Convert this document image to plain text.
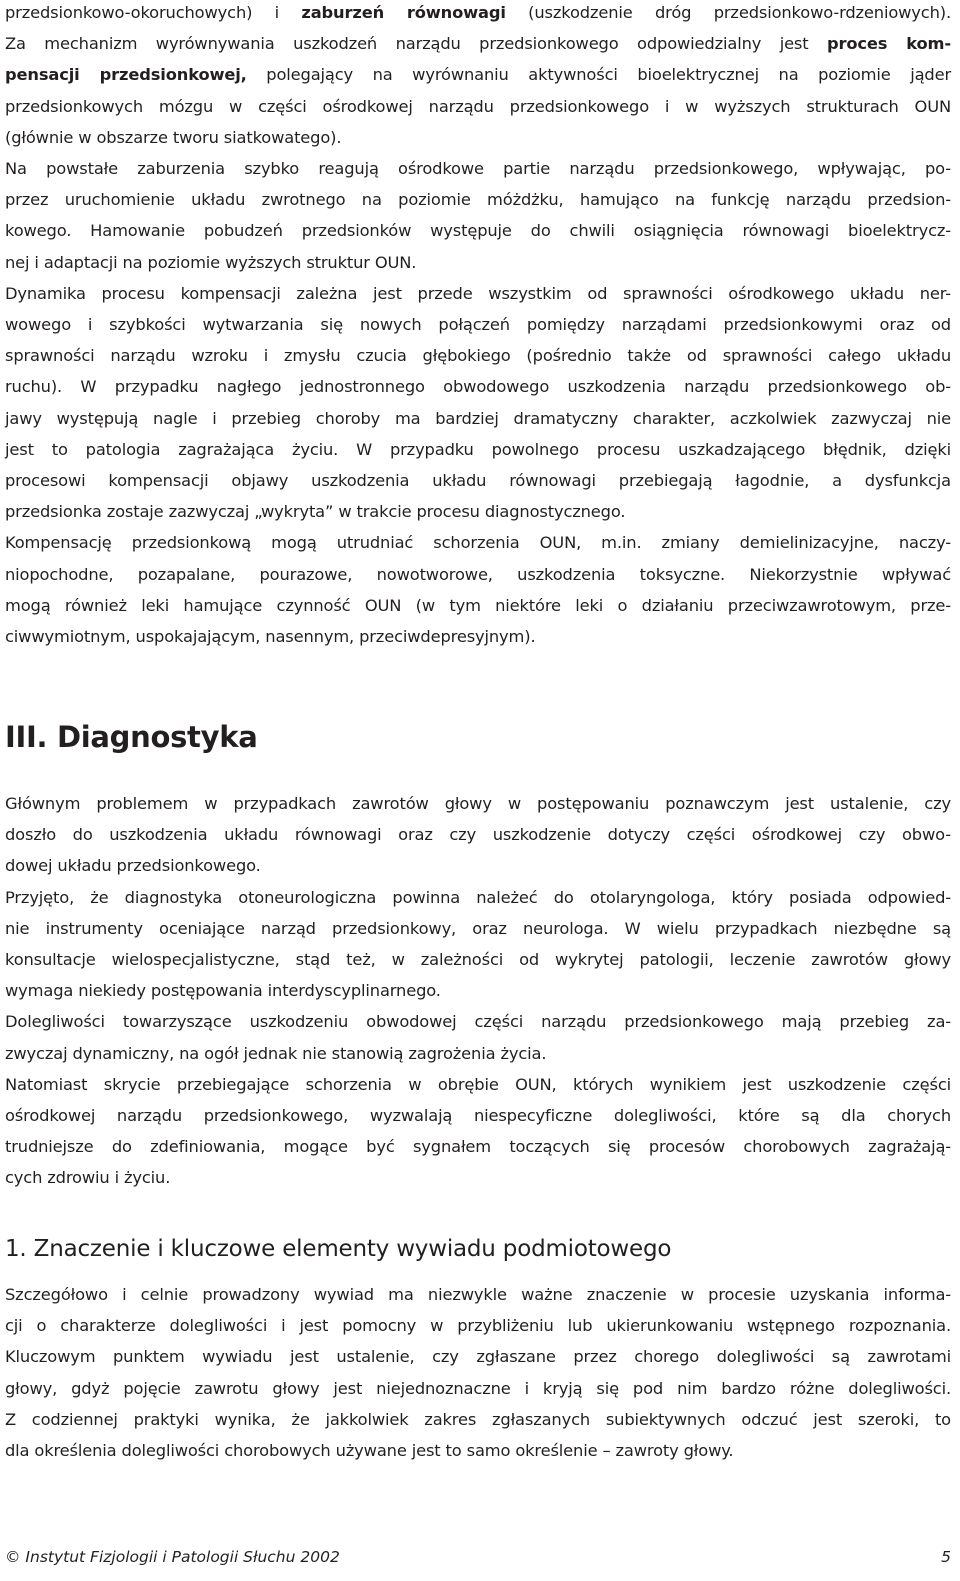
przedsionkowo-okoruchowych) i zaburzeń równowagi (uszkodzenie dróg przedsionkowo-rdzeniowych).
Za mechanizm wyrównywania uszkodzeń narządu przedsionkowego odpowiedzialny jest proces kom-
pensacji przedsionkowej, polegający na wyrównaniu aktywności bioelektrycznej na poziomie jąder
przedsionkowych mózgu w części ośrodkowej narządu przedsionkowego i w wyższych strukturach OUN
(głównie w obszarze tworu siatkowatego).

Na powstałe zaburzenia szybko reagują ośrodkowe partie narządu przedsionkowego, wpływając, po-
przez uruchomienie układu zwrotnego na poziomie móżdżku, hamująco na funkcję narządu przedsion-
kowego. Hamowanie pobudzeń przedsionków występuje do chwili osiągnięcia równowagi bioelektrycz-
nej i adaptacji na poziomie wyższych struktur OUN.

Dynamika procesu kompensacji zależna jest przede wszystkim od sprawności ośrodkowego układu ner-
wowego i szybkości wytwarzania się nowych połączeń pomiędzy narządami przedsionkowymi oraz od
sprawności narządu wzroku i zmysłu czucia głębokiego (pośrednio także od sprawności całego układu
ruchu). W przypadku nagłego jednostronnego obwodowego uszkodzenia narządu przedsionkowego ob-
jawy występują nagle i przebieg choroby ma bardziej dramatyczny charakter, aczkolwiek zazwyczaj nie
jest to patologia zagrażająca życiu. W przypadku powolnego procesu uszkadzającego błędnik, dzięki
procesowi kompensacji objawy uszkodzenia układu równowagi przebiegają łagodnie, a dysfunkcja
przedsionka zostaje zazwyczaj „wykryta” w trakcie procesu diagnostycznego.

Kompensację przedsionkową mogą utrudniać schorzenia OUN, m.in. zmiany demielinizacyjne, naczy-
niopochodne, pozapalane, pourazowe, nowotworowe, uszkodzenia toksyczne. Niekorzystnie wpływać
mogą również leki hamujące czynność OUN (w tym niektóre leki o działaniu przeciwzawrotowym, prze-
ciwwymiotnym, uspokajającym, nasennym, przeciwdepresyjnym).

III. Diagnostyka

Głównym problemem w przypadkach zawrotów głowy w postępowaniu poznawczym jest ustalenie, czy
doszło do uszkodzenia układu równowagi oraz czy uszkodzenie dotyczy części ośrodkowej czy obwo-
dowej układu przedsionkowego.

Przyjęto, że diagnostyka otoneurologiczna powinna należeć do otolaryngologa, który posiada odpowied-
nie instrumenty oceniające narząd przedsionkowy, oraz neurologa. W wielu przypadkach niezbędne są
konsultacje wielospecjalistyczne, stąd też, w zależności od wykrytej patologii, leczenie zawrotów głowy
wymaga niekiedy postępowania interdyscyplinarnego.

Dolegliwości towarzyszące uszkodzeniu obwodowej części narządu przedsionkowego mają przebieg za-
zwyczaj dynamiczny, na ogół jednak nie stanowią zagrożenia życia.

Natomiast skrycie przebiegające schorzenia w obrębie OUN, których wynikiem jest uszkodzenie części
ośrodkowej narządu przedsionkowego, wyzwalają niespecyficzne dolegliwości, które są dla chorych
trudniejsze do zdefiniowania, mogące być sygnałem toczących się procesów chorobowych zagrażają-
cych zdrowiu i życiu.

1. Znaczenie i kluczowe elementy wywiadu podmiotowego

Szczegółowo i celnie prowadzony wywiad ma niezwykle ważne znaczenie w procesie uzyskania informa-
cji o charakterze dolegliwości i jest pomocny w przybliżeniu lub ukierunkowaniu wstępnego rozpoznania.
Kluczowym punktem wywiadu jest ustalenie, czy zgłaszane przez chorego dolegliwości są zawrotami
głowy, gdyż pojęcie zawrotu głowy jest niejednoznaczne i kryją się pod nim bardzo różne dolegliwości.
Z codziennej praktyki wynika, że jakkolwiek zakres zgłaszanych subiektywnych odczuć jest szeroki, to
dla określenia dolegliwości chorobowych używane jest to samo określenie – zawroty głowy.

© Instytut Fizjologii i Patologii Słuchu 2002	5
